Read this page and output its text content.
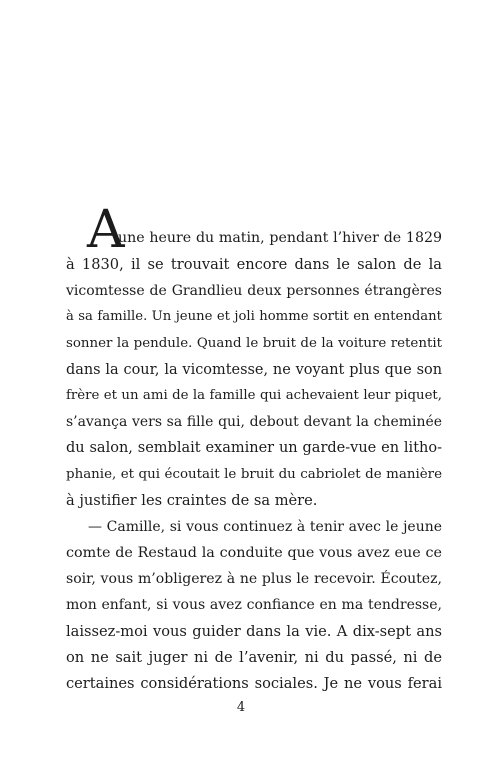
A
une heure du matin, pendant l’hiver de 1829
à 1830, il se trouvait encore dans le salon de la
vicomtesse de Grandlieu deux personnes étrangères
à sa famille. Un jeune et joli homme sortit en entendant
sonner la pendule. Quand le bruit de la voiture retentit
dans la cour, la vicomtesse, ne voyant plus que son
frère et un ami de la famille qui achevaient leur piquet,
s’avança vers sa fille qui, debout devant la cheminée
du salon, semblait examiner un garde-vue en litho-
phanie, et qui écoutait le bruit du cabriolet de manière
à justifier les craintes de sa mère.
— Camille, si vous continuez à tenir avec le jeune
comte de Restaud la conduite que vous avez eue ce
soir, vous m’obligerez à ne plus le recevoir. Écoutez,
mon enfant, si vous avez confiance en ma tendresse,
laissez-moi vous guider dans la vie. A dix-sept ans
on ne sait juger ni de l’avenir, ni du passé, ni de
certaines considérations sociales. Je ne vous ferai
4
